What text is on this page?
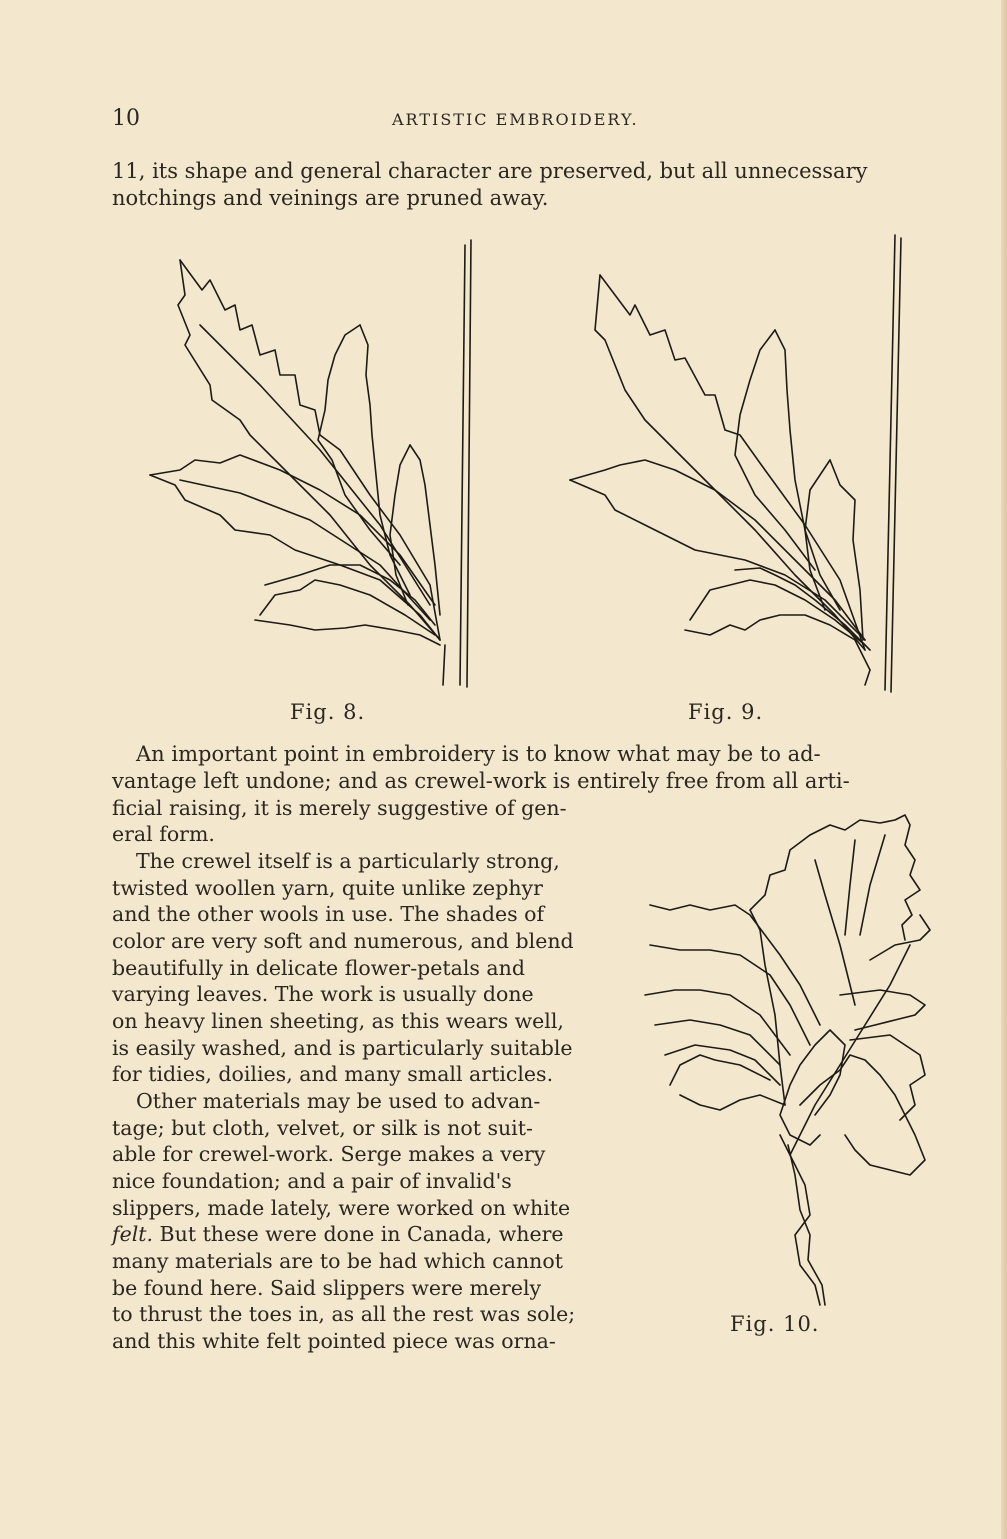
10	ARTISTIC EMBROIDERY.
11, its shape and general character are preserved, but all unnecessary
notchings and veinings are pruned away.
Fig. 8.	Fig. 9.
An important point in embroidery is to know what may be to ad-
vantage left undone; and as crewel-work is entirely free from all arti-
ficial raising, it is merely suggestive of gen-
eral form.
The crewel itself is a particularly strong,
twisted woollen yarn, quite unlike zephyr
and the other wools in use. The shades of
color are very soft and numerous, and blend
beautifully in delicate flower-petals and
varying leaves. The work is usually done
on heavy linen sheeting, as this wears well,
is easily washed, and is particularly suitable
for tidies, doilies, and many small articles.
Other materials may be used to advan-
tage; but cloth, velvet, or silk is not suit-
able for crewel-work. Serge makes a very
nice foundation; and a pair of invalid's
slippers, made lately, were worked on white
felt. But these were done in Canada, where
many materials are to be had which cannot
be found here. Said slippers were merely
to thrust the toes in, as all the rest was sole;
and this white felt pointed piece was orna-
Fig. 10.
